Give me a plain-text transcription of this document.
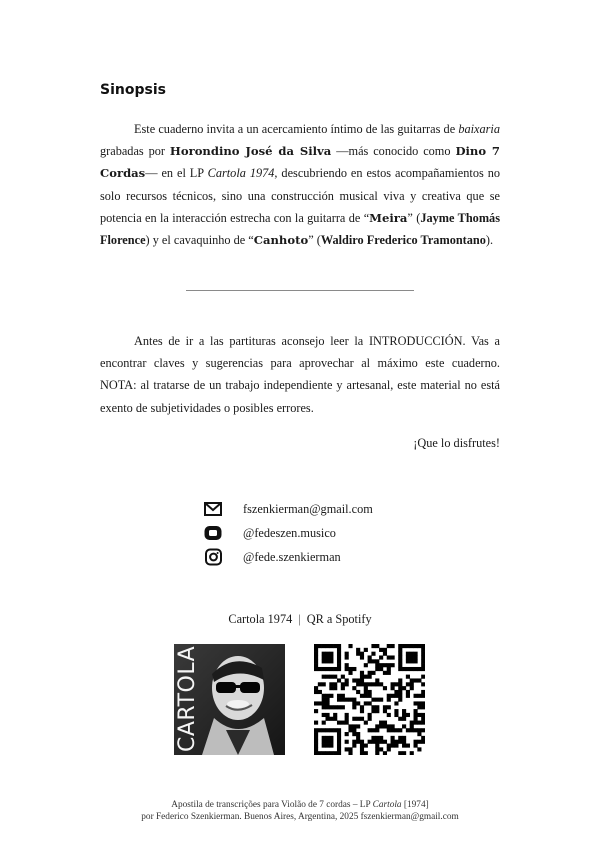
Sinopsis

Este cuaderno invita a un acercamiento íntimo de las guitarras de baixaria grabadas por Horondino José da Silva —más conocido como Dino 7 Cordas— en el LP Cartola 1974, descubriendo en estos acompañamientos no solo recursos técnicos, sino una construcción musical viva y creativa que se potencia en la interacción estrecha con la guitarra de “Meira” (Jayme Thomás Florence) y el cavaquinho de “Canhoto” (Waldiro Frederico Tramontano).

Antes de ir a las partituras aconsejo leer la INTRODUCCIÓN. Vas a encontrar claves y sugerencias para aprovechar al máximo este cuaderno. NOTA: al tratarse de un trabajo independiente y artesanal, este material no está exento de subjetividades o posibles errores.

¡Que lo disfrutes!

fszenkierman@gmail.com
@fedeszen.musico
@fede.szenkierman
Cartola 1974 | QR a Spotify
CARTOLA
Apostila de transcrições para Violão de 7 cordas – LP Cartola [1974]
por Federico Szenkierman. Buenos Aires, Argentina, 2025 fszenkierman@gmail.com
